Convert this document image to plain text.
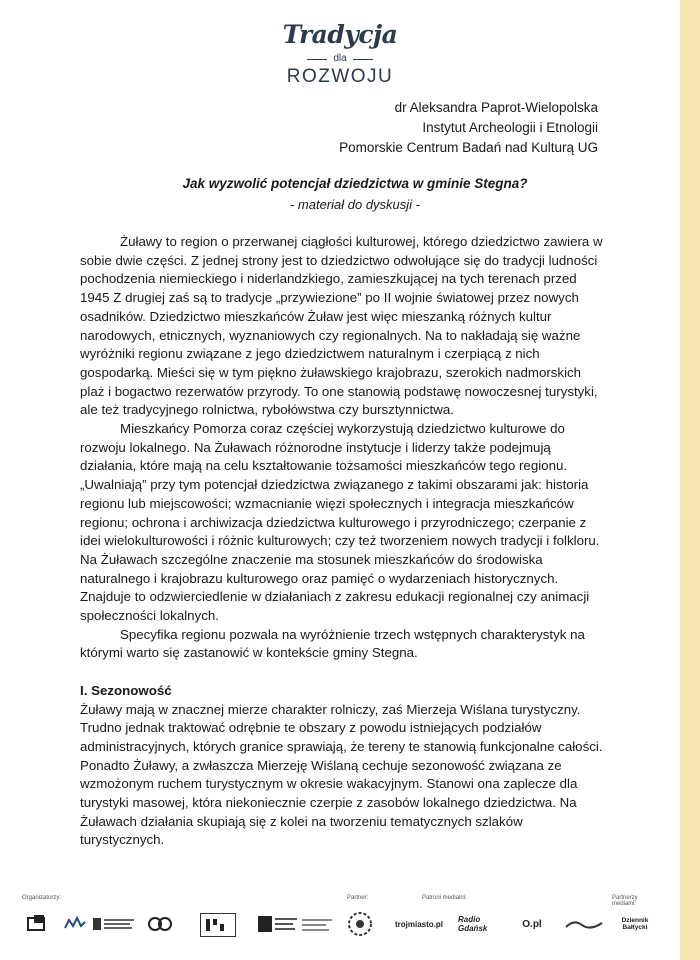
Tradycja
dla
ROZWOJU
dr Aleksandra Paprot-Wielopolska
Instytut Archeologii i Etnologii
Pomorskie Centrum Badań nad Kulturą UG
Jak wyzwolić potencjał dziedzictwa w gminie Stegna?
- materiał do dyskusji -

Żuławy to region o przerwanej ciągłości kulturowej, którego dziedzictwo zawiera w sobie dwie części. Z jednej strony jest to dziedzictwo odwołujące się do tradycji ludności pochodzenia niemieckiego i niderlandzkiego, zamieszkującej na tych terenach przed 1945 Z drugiej zaś są to tradycje „przywiezione” po II wojnie światowej przez nowych osadników. Dziedzictwo mieszkańców Żuław jest więc mieszanką różnych kultur narodowych, etnicznych, wyznaniowych czy regionalnych. Na to nakładają się ważne wyróżniki regionu związane z jego dziedzictwem naturalnym i czerpiącą z nich gospodarką. Mieści się w tym piękno żuławskiego krajobrazu, szerokich nadmorskich plaż i bogactwo rezerwatów przyrody. To one stanowią podstawę nowoczesnej turystyki, ale też tradycyjnego rolnictwa, rybołówstwa czy bursztynnictwa.

Mieszkańcy Pomorza coraz częściej wykorzystują dziedzictwo kulturowe do rozwoju lokalnego. Na Żuławach różnorodne instytucje i liderzy także podejmują działania, które mają na celu kształtowanie tożsamości mieszkańców tego regionu. „Uwalniają” przy tym potencjał dziedzictwa związanego z takimi obszarami jak: historia regionu lub miejscowości; wzmacnianie więzi społecznych i integracja mieszkańców regionu; ochrona i archiwizacja dziedzictwa kulturowego i przyrodniczego; czerpanie z idei wielokulturowości i różnic kulturowych; czy też tworzeniem nowych tradycji i folkloru. Na Żuławach szczególne znaczenie ma stosunek mieszkańców do środowiska naturalnego i krajobrazu kulturowego oraz pamięć o wydarzeniach historycznych. Znajduje to odzwierciedlenie w działaniach z zakresu edukacji regionalnej czy animacji społeczności lokalnych.

Specyfika regionu pozwala na wyróżnienie trzech wstępnych charakterystyk na którymi warto się zastanowić w kontekście gminy Stegna.

I. Sezonowość

Żuławy mają w znacznej mierze charakter rolniczy, zaś Mierzeja Wiślana turystyczny. Trudno jednak traktować odrębnie te obszary z powodu istniejących podziałów administracyjnych, których granice sprawiają, że tereny te stanowią funkcjonalne całości. Ponadto Żuławy, a zwłaszcza Mierzeję Wiślaną cechuje sezonowość związana ze wzmożonym ruchem turystycznym w okresie wakacyjnym. Stanowi ona zaplecze dla turystyki masowej, która niekoniecznie czerpie z zasobów lokalnego dziedzictwa. Na Żuławach działania skupiają się z kolei na tworzeniu tematycznych szlaków turystycznych.

Organizatorzy:	Partner:	Patroni medialni:	Partnerzy medialni:
trojmiasto.pl Radio Gdańsk	O.pl	Dziennik Bałtycki
